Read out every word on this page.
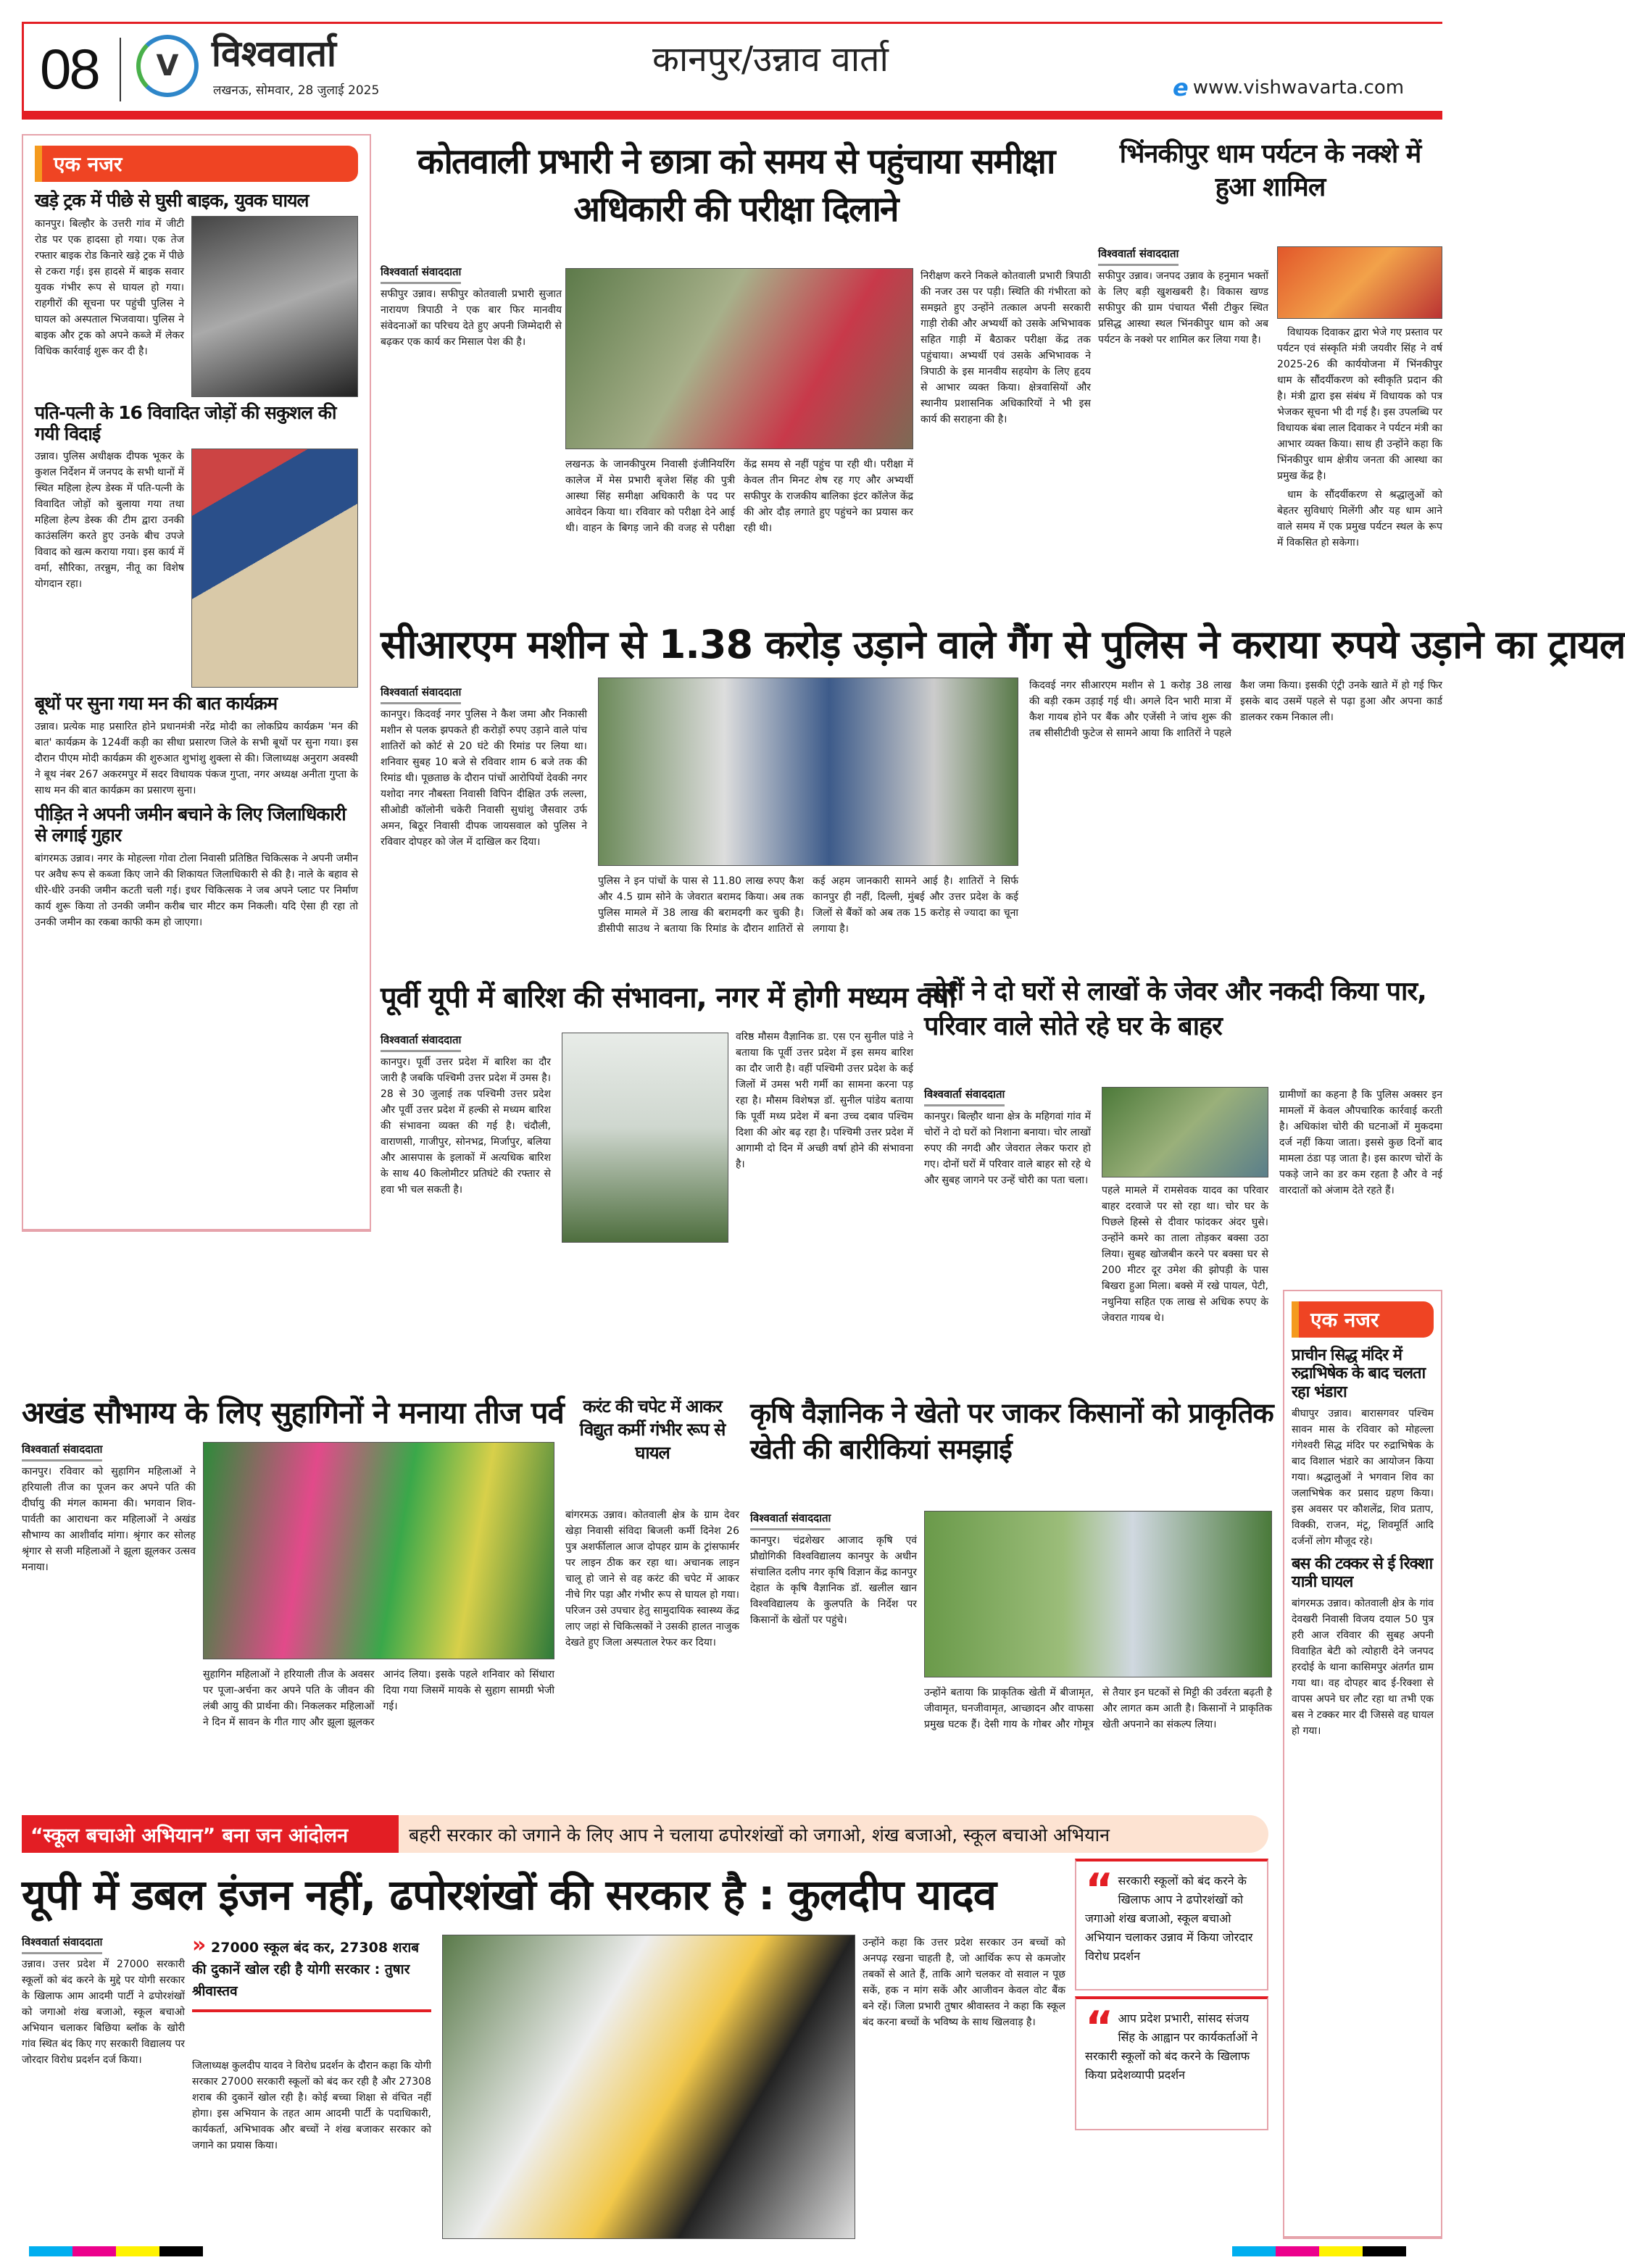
08 V विश्ववार्ता
लखनऊ, सोमवार, 28 जुलाई 2025
कानपुर/उन्नाव वार्ता
e www.vishwavarta.com
एक नजर
खड़े ट्रक में पीछे से घुसी बाइक, युवक घायल
कानपुर। बिल्हौर के उत्तरी गांव में जीटी रोड पर एक हादसा हो गया। एक तेज रफ्तार बाइक रोड किनारे खड़े ट्रक में पीछे से टकरा गई। इस हादसे में बाइक सवार युवक गंभीर रूप से घायल हो गया। राहगीरों की सूचना पर पहुंची पुलिस ने घायल को अस्पताल भिजवाया। पुलिस ने बाइक और ट्रक को अपने कब्जे में लेकर विधिक कार्रवाई शुरू कर दी है।
पति-पत्नी के 16 विवादित जोड़ों की सकुशल की गयी विदाई
उन्नाव। पुलिस अधीक्षक दीपक भूकर के कुशल निर्देशन में जनपद के सभी थानों में स्थित महिला हेल्प डेस्क में पति-पत्नी के विवादित जोड़ों को बुलाया गया तथा महिला हेल्प डेस्क की टीम द्वारा उनकी काउंसलिंग करते हुए उनके बीच उपजे विवाद को खत्म कराया गया। इस कार्य में वर्मा, सौरिका, तरन्नुम, नीतू का विशेष योगदान रहा।
बूथों पर सुना गया मन की बात कार्यक्रम
उन्नाव। प्रत्येक माह प्रसारित होने प्रधानमंत्री नरेंद्र मोदी का लोकप्रिय कार्यक्रम 'मन की बात' कार्यक्रम के 124वीं कड़ी का सीधा प्रसारण जिले के सभी बूथों पर सुना गया। इस दौरान पीएम मोदी कार्यक्रम की शुरुआत शुभांशु शुक्ला से की। जिलाध्यक्ष अनुराग अवस्थी ने बूथ नंबर 267 अकरमपुर में सदर विधायक पंकज गुप्ता, नगर अध्यक्ष अनीता गुप्ता के साथ मन की बात कार्यक्रम का प्रसारण सुना।
पीड़ित ने अपनी जमीन बचाने के लिए जिलाधिकारी से लगाई गुहार
बांगरमऊ उन्नाव। नगर के मोहल्ला गोवा टोला निवासी प्रतिष्ठित चिकित्सक ने अपनी जमीन पर अवैध रूप से कब्जा किए जाने की शिकायत जिलाधिकारी से की है। नाले के बहाव से धीरे-धीरे उनकी जमीन कटती चली गई। इधर चिकित्सक ने जब अपने प्लाट पर निर्माण कार्य शुरू किया तो उनकी जमीन करीब चार मीटर कम निकली। यदि ऐसा ही रहा तो उनकी जमीन का रकबा काफी कम हो जाएगा।
कोतवाली प्रभारी ने छात्रा को समय से पहुंचाया समीक्षा अधिकारी की परीक्षा दिलाने
विश्ववार्ता संवाददाता
सफीपुर उन्नाव। सफीपुर कोतवाली प्रभारी सुजात नारायण त्रिपाठी ने एक बार फिर मानवीय संवेदनाओं का परिचय देते हुए अपनी जिम्मेदारी से बढ़कर एक कार्य कर मिसाल पेश की है।
लखनऊ के जानकीपुरम निवासी इंजीनियरिंग कालेज में मेस प्रभारी बृजेश सिंह की पुत्री आस्था सिंह समीक्षा अधिकारी के पद पर आवेदन किया था। रविवार को परीक्षा देने आई थी। वाहन के बिगड़ जाने की वजह से परीक्षा केंद्र समय से नहीं पहुंच पा रही थी। परीक्षा में केवल तीन मिनट शेष रह गए और अभ्यर्थी सफीपुर के राजकीय बालिका इंटर कॉलेज केंद्र की ओर दौड़ लगाते हुए पहुंचने का प्रयास कर रही थी।
निरीक्षण करने निकले कोतवाली प्रभारी त्रिपाठी की नजर उस पर पड़ी। स्थिति की गंभीरता को समझते हुए उन्होंने तत्काल अपनी सरकारी गाड़ी रोकी और अभ्यर्थी को उसके अभिभावक सहित गाड़ी में बैठाकर परीक्षा केंद्र तक पहुंचाया। अभ्यर्थी एवं उसके अभिभावक ने त्रिपाठी के इस मानवीय सहयोग के लिए हृदय से आभार व्यक्त किया। क्षेत्रवासियों और स्थानीय प्रशासनिक अधिकारियों ने भी इस कार्य की सराहना की है।
भिंनकीपुर धाम पर्यटन के नक्शे में हुआ शामिल
विश्ववार्ता संवाददाता
सफीपुर उन्नाव। जनपद उन्नाव के हनुमान भक्तों के लिए बड़ी खुशखबरी है। विकास खण्ड सफीपुर की ग्राम पंचायत भैंसी टीकुर स्थित प्रसिद्ध आस्था स्थल भिंनकीपुर धाम को अब पर्यटन के नक्शे पर शामिल कर लिया गया है।

विधायक दिवाकर द्वारा भेजे गए प्रस्ताव पर पर्यटन एवं संस्कृति मंत्री जयवीर सिंह ने वर्ष 2025-26 की कार्ययोजना में भिंनकीपुर धाम के सौंदर्यीकरण को स्वीकृति प्रदान की है। मंत्री द्वारा इस संबंध में विधायक को पत्र भेजकर सूचना भी दी गई है। इस उपलब्धि पर विधायक बंबा लाल दिवाकर ने पर्यटन मंत्री का आभार व्यक्त किया। साथ ही उन्होंने कहा कि भिंनकीपुर धाम क्षेत्रीय जनता की आस्था का प्रमुख केंद्र है।

धाम के सौंदर्यीकरण से श्रद्धालुओं को बेहतर सुविधाएं मिलेंगी और यह धाम आने वाले समय में एक प्रमुख पर्यटन स्थल के रूप में विकसित हो सकेगा।

सीआरएम मशीन से 1.38 करोड़ उड़ाने वाले गैंग से पुलिस ने कराया रुपये उड़ाने का ट्रायल
विश्ववार्ता संवाददाता
कानपुर। किदवई नगर पुलिस ने कैश जमा और निकासी मशीन से पलक झपकते ही करोड़ों रुपए उड़ाने वाले पांच शातिरों को कोर्ट से 20 घंटे की रिमांड पर लिया था। शनिवार सुबह 10 बजे से रविवार शाम 6 बजे तक की रिमांड थी। पूछताछ के दौरान पांचों आरोपियों देवकी नगर यशोदा नगर नौबस्ता निवासी विपिन दीक्षित उर्फ लल्ला, सीओडी कॉलोनी चकेरी निवासी सुधांशु जैसवार उर्फ अमन, बिठूर निवासी दीपक जायसवाल को पुलिस ने रविवार दोपहर को जेल में दाखिल कर दिया।
पुलिस ने इन पांचों के पास से 11.80 लाख रुपए कैश और 4.5 ग्राम सोने के जेवरात बरामद किया। अब तक पुलिस मामले में 38 लाख की बरामदगी कर चुकी है। डीसीपी साउथ ने बताया कि रिमांड के दौरान शातिरों से कई अहम जानकारी सामने आई है। शातिरों ने सिर्फ कानपुर ही नहीं, दिल्ली, मुंबई और उत्तर प्रदेश के कई जिलों से बैंकों को अब तक 15 करोड़ से ज्यादा का चूना लगाया है।
किदवई नगर सीआरएम मशीन से 1 करोड़ 38 लाख की बड़ी रकम उड़ाई गई थी। अगले दिन भारी मात्रा में कैश गायब होने पर बैंक और एजेंसी ने जांच शुरू की तब सीसीटीवी फुटेज से सामने आया कि शातिरों ने पहले कैश जमा किया। इसकी एंट्री उनके खाते में हो गई फिर इसके बाद उसमें पहले से पढ़ा हुआ और अपना कार्ड डालकर रकम निकाल ली।
पूर्वी यूपी में बारिश की संभावना, नगर में होगी मध्यम वर्षा
विश्ववार्ता संवाददाता
कानपुर। पूर्वी उत्तर प्रदेश में बारिश का दौर जारी है जबकि पश्चिमी उत्तर प्रदेश में उमस है। 28 से 30 जुलाई तक पश्चिमी उत्तर प्रदेश और पूर्वी उत्तर प्रदेश में हल्की से मध्यम बारिश की संभावना व्यक्त की गई है। चंदौली, वाराणसी, गाजीपुर, सोनभद्र, मिर्जापुर, बलिया और आसपास के इलाकों में अत्यधिक बारिश के साथ 40 किलोमीटर प्रतिघंटे की रफ्तार से हवा भी चल सकती है।
वरिष्ठ मौसम वैज्ञानिक डा. एस एन सुनील पांडे ने बताया कि पूर्वी उत्तर प्रदेश में इस समय बारिश का दौर जारी है। वहीं पश्चिमी उत्तर प्रदेश के कई जिलों में उमस भरी गर्मी का सामना करना पड़ रहा है। मौसम विशेषज्ञ डॉ. सुनील पांडेय बताया कि पूर्वी मध्य प्रदेश में बना उच्च दबाव पश्चिम दिशा की ओर बढ़ रहा है। पश्चिमी उत्तर प्रदेश में आगामी दो दिन में अच्छी वर्षा होने की संभावना है।
चोरों ने दो घरों से लाखों के जेवर और नकदी किया पार, परिवार वाले सोते रहे घर के बाहर
विश्ववार्ता संवाददाता
कानपुर। बिल्हौर थाना क्षेत्र के महिगवां गांव में चोरों ने दो घरों को निशाना बनाया। चोर लाखों रुपए की नगदी और जेवरात लेकर फरार हो गए। दोनों घरों में परिवार वाले बाहर सो रहे थे और सुबह जागने पर उन्हें चोरी का पता चला।
पहले मामले में रामसेवक यादव का परिवार बाहर दरवाजे पर सो रहा था। चोर घर के पिछले हिस्से से दीवार फांदकर अंदर घुसे। उन्होंने कमरे का ताला तोड़कर बक्सा उठा लिया। सुबह खोजबीन करने पर बक्सा घर से 200 मीटर दूर उमेश की झोपड़ी के पास बिखरा हुआ मिला। बक्से में रखे पायल, पेटी, नथुनिया सहित एक लाख से अधिक रुपए के जेवरात गायब थे।
ग्रामीणों का कहना है कि पुलिस अक्सर इन मामलों में केवल औपचारिक कार्रवाई करती है। अधिकांश चोरी की घटनाओं में मुकदमा दर्ज नहीं किया जाता। इससे कुछ दिनों बाद मामला ठंडा पड़ जाता है। इस कारण चोरों के पकड़े जाने का डर कम रहता है और वे नई वारदातों को अंजाम देते रहते हैं।
अखंड सौभाग्य के लिए सुहागिनों ने मनाया तीज पर्व
विश्ववार्ता संवाददाता
कानपुर। रविवार को सुहागिन महिलाओं ने हरियाली तीज का पूजन कर अपने पति की दीर्घायु की मंगल कामना की। भगवान शिव-पार्वती का आराधना कर महिलाओं ने अखंड सौभाग्य का आशीर्वाद मांगा। श्रृंगार कर सोलह श्रृंगार से सजी महिलाओं ने झूला झूलकर उत्सव मनाया।
सुहागिन महिलाओं ने हरियाली तीज के अवसर पर पूजा-अर्चना कर अपने पति के जीवन की लंबी आयु की प्रार्थना की। निकलकर महिलाओं ने दिन में सावन के गीत गाए और झूला झूलकर आनंद लिया। इसके पहले शनिवार को सिंधारा दिया गया जिसमें मायके से सुहाग सामग्री भेजी गई।
करंट की चपेट में आकर विद्युत कर्मी गंभीर रूप से घायल
बांगरमऊ उन्नाव। कोतवाली क्षेत्र के ग्राम देवर खेड़ा निवासी संविदा बिजली कर्मी दिनेश 26 पुत्र अशर्फीलाल आज दोपहर ग्राम के ट्रांसफार्मर पर लाइन ठीक कर रहा था। अचानक लाइन चालू हो जाने से वह करंट की चपेट में आकर नीचे गिर पड़ा और गंभीर रूप से घायल हो गया। परिजन उसे उपचार हेतु सामुदायिक स्वास्थ्य केंद्र लाए जहां से चिकित्सकों ने उसकी हालत नाजुक देखते हुए जिला अस्पताल रेफर कर दिया।
कृषि वैज्ञानिक ने खेतो पर जाकर किसानों को प्राकृतिक खेती की बारीकियां समझाई
विश्ववार्ता संवाददाता
कानपुर। चंद्रशेखर आजाद कृषि एवं प्रौद्योगिकी विश्वविद्यालय कानपुर के अधीन संचालित दलीप नगर कृषि विज्ञान केंद्र कानपुर देहात के कृषि वैज्ञानिक डॉ. खलील खान विश्वविद्यालय के कुलपति के निर्देश पर किसानों के खेतों पर पहुंचे।
उन्होंने बताया कि प्राकृतिक खेती में बीजामृत, जीवामृत, घनजीवामृत, आच्छादन और वाफसा प्रमुख घटक हैं। देसी गाय के गोबर और गोमूत्र से तैयार इन घटकों से मिट्टी की उर्वरता बढ़ती है और लागत कम आती है। किसानों ने प्राकृतिक खेती अपनाने का संकल्प लिया।
एक नजर
प्राचीन सिद्ध मंदिर में रुद्राभिषेक के बाद चलता रहा भंडारा
बीघापुर उन्नाव। बारासगवर पश्चिम सावन मास के रविवार को मोहल्ला गंगेश्वरी सिद्ध मंदिर पर रुद्राभिषेक के बाद विशाल भंडारे का आयोजन किया गया। श्रद्धालुओं ने भगवान शिव का जलाभिषेक कर प्रसाद ग्रहण किया। इस अवसर पर कौशलेंद्र, शिव प्रताप, विक्की, राजन, मंटू, शिवमूर्ति आदि दर्जनों लोग मौजूद रहे।
बस की टक्कर से ई रिक्शा यात्री घायल
बांगरमऊ उन्नाव। कोतवाली क्षेत्र के गांव देवखरी निवासी विजय दयाल 50 पुत्र हरी आज रविवार की सुबह अपनी विवाहित बेटी को त्योहारी देने जनपद हरदोई के थाना कासिमपुर अंतर्गत ग्राम गया था। वह दोपहर बाद ई-रिक्शा से वापस अपने घर लौट रहा था तभी एक बस ने टक्कर मार दी जिससे वह घायल हो गया।
“स्कूल बचाओ अभियान” बना जन आंदोलन	बहरी सरकार को जगाने के लिए आप ने चलाया ढपोरशंखों को जगाओ, शंख बजाओ, स्कूल बचाओ अभियान
यूपी में डबल इंजन नहीं, ढपोरशंखों की सरकार है : कुलदीप यादव
विश्ववार्ता संवाददाता
उन्नाव। उत्तर प्रदेश में 27000 सरकारी स्कूलों को बंद करने के मुद्दे पर योगी सरकार के खिलाफ आम आदमी पार्टी ने ढपोरशंखों को जगाओ शंख बजाओ, स्कूल बचाओ अभियान चलाकर बिछिया ब्लॉक के खोरी गांव स्थित बंद किए गए सरकारी विद्यालय पर जोरदार विरोध प्रदर्शन दर्ज किया।
» 27000 स्कूल बंद कर, 27308 शराब की दुकानें खोल रही है योगी सरकार : तुषार श्रीवास्तव
जिलाध्यक्ष कुलदीप यादव ने विरोध प्रदर्शन के दौरान कहा कि योगी सरकार 27000 सरकारी स्कूलों को बंद कर रही है और 27308 शराब की दुकानें खोल रही है। कोई बच्चा शिक्षा से वंचित नहीं होगा। इस अभियान के तहत आम आदमी पार्टी के पदाधिकारी, कार्यकर्ता, अभिभावक और बच्चों ने शंख बजाकर सरकार को जगाने का प्रयास किया।
उन्होंने कहा कि उत्तर प्रदेश सरकार उन बच्चों को अनपढ़ रखना चाहती है, जो आर्थिक रूप से कमजोर तबकों से आते हैं, ताकि आगे चलकर वो सवाल न पूछ सकें, हक न मांग सकें और आजीवन केवल वोट बैंक बने रहें। जिला प्रभारी तुषार श्रीवास्तव ने कहा कि स्कूल बंद करना बच्चों के भविष्य के साथ खिलवाड़ है।
“ सरकारी स्कूलों को बंद करने के खिलाफ आप ने ढपोरशंखों को जगाओ शंख बजाओ, स्कूल बचाओ अभियान चलाकर उन्नाव में किया जोरदार विरोध प्रदर्शन
“ आप प्रदेश प्रभारी, सांसद संजय सिंह के आह्वान पर कार्यकर्ताओं ने सरकारी स्कूलों को बंद करने के खिलाफ किया प्रदेशव्यापी प्रदर्शन
